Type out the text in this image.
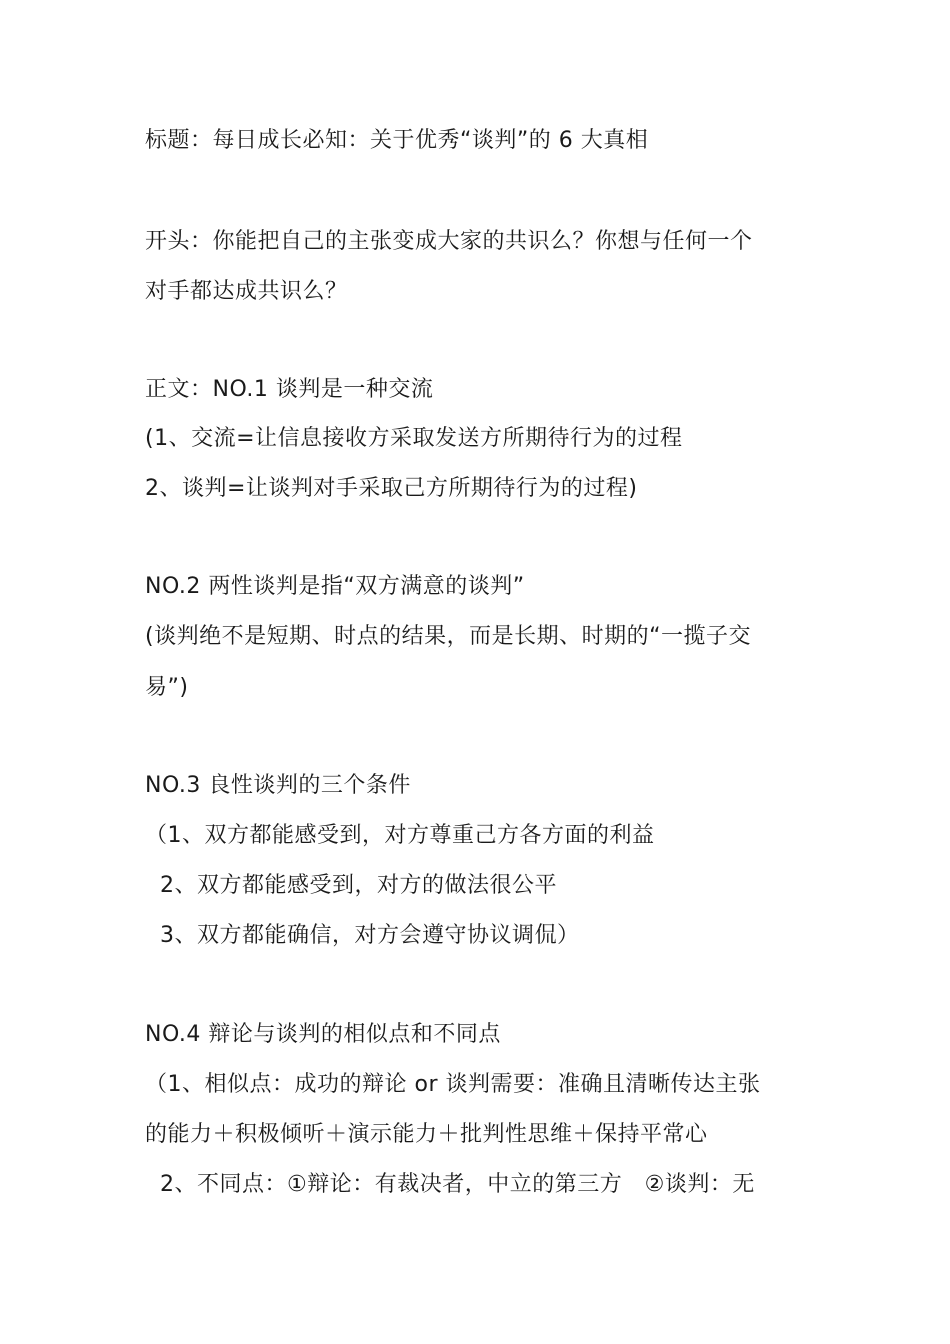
标题：每日成长必知：关于优秀“谈判”的 6 大真相
开头：你能把自己的主张变成大家的共识么？你想与任何一个
对手都达成共识么？
正文：NO.1 谈判是一种交流
(1、交流=让信息接收方采取发送方所期待行为的过程
2、谈判=让谈判对手采取己方所期待行为的过程)
NO.2 两性谈判是指“双方满意的谈判”
(谈判绝不是短期、时点的结果，而是长期、时期的“一揽子交
易”)
NO.3 良性谈判的三个条件
（1、双方都能感受到，对方尊重己方各方面的利益
2、双方都能感受到，对方的做法很公平
3、双方都能确信，对方会遵守协议调侃）
NO.4 辩论与谈判的相似点和不同点
（1、相似点：成功的辩论 or 谈判需要：准确且清晰传达主张
的能力＋积极倾听＋演示能力＋批判性思维＋保持平常心
2、不同点：①辩论：有裁决者，中立的第三方   ②谈判：无
